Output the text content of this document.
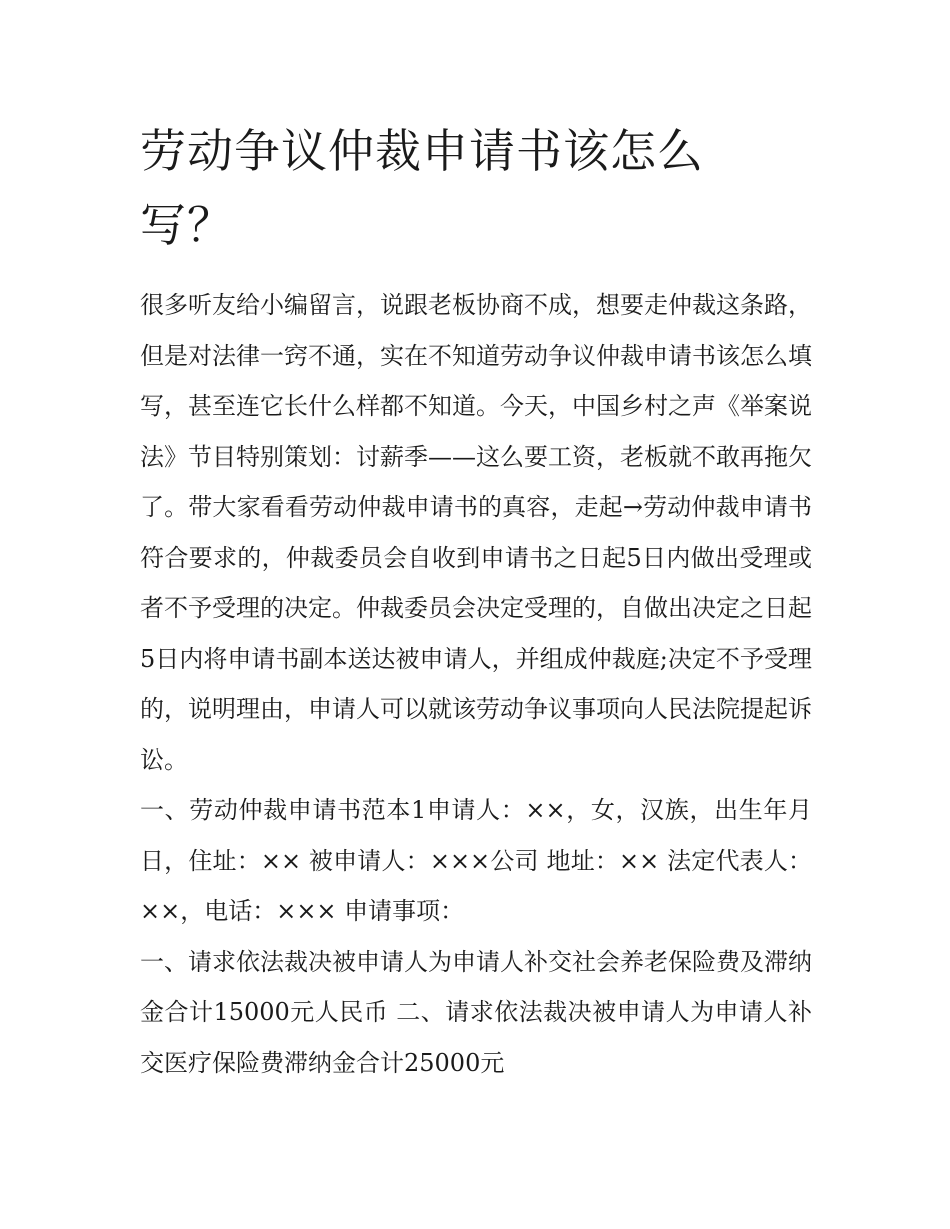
劳动争议仲裁申请书该怎么写？

很多听友给小编留言，说跟老板协商不成，想要走仲裁这条路，但是对法律一窍不通，实在不知道劳动争议仲裁申请书该怎么填写，甚至连它长什么样都不知道。今天，中国乡村之声《举案说法》节目特别策划：讨薪季——这么要工资，老板就不敢再拖欠了。带大家看看劳动仲裁申请书的真容，走起→劳动仲裁申请书符合要求的，仲裁委员会自收到申请书之日起5日内做出受理或者不予受理的决定。仲裁委员会决定受理的，自做出决定之日起5日内将申请书副本送达被申请人，并组成仲裁庭;决定不予受理的，说明理由，申请人可以就该劳动争议事项向人民法院提起诉讼。

一、劳动仲裁申请书范本1申请人：××，女，汉族，出生年月日，住址：×× 被申请人：×××公司 地址：×× 法定代表人：××，电话：××× 申请事项：

一、请求依法裁决被申请人为申请人补交社会养老保险费及滞纳金合计15000元人民币 二、请求依法裁决被申请人为申请人补交医疗保险费滞纳金合计25000元
